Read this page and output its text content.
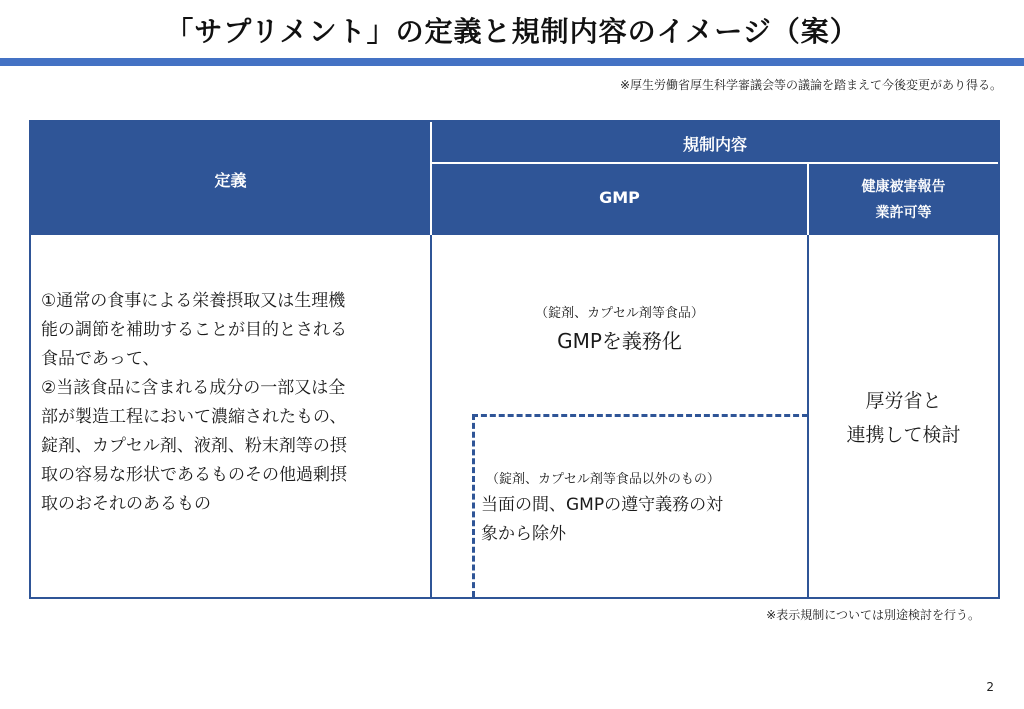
「サプリメント」の定義と規制内容のイメージ（案）
※厚生労働省厚生科学審議会等の議論を踏まえて今後変更があり得る。
定義
規制内容
GMP
健康被害報告
業許可等
①通常の食事による栄養摂取又は生理機
能の調節を補助することが目的とされる
食品であって、
②当該食品に含まれる成分の一部又は全
部が製造工程において濃縮されたもの、
錠剤、カプセル剤、液剤、粉末剤等の摂
取の容易な形状であるものその他過剰摂
取のおそれのあるもの
（錠剤、カプセル剤等食品）
GMPを義務化
（錠剤、カプセル剤等食品以外のもの）
当面の間、GMPの遵守義務の対
象から除外
厚労省と
連携して検討
※表示規制については別途検討を行う。
2
